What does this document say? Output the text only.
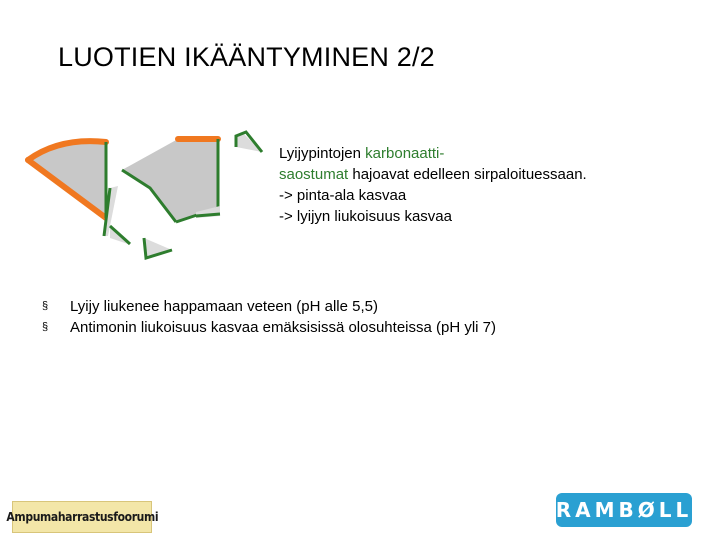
LUOTIEN IKÄÄNTYMINEN 2/2
Lyijypintojen karbonaatti-
saostumat hajoavat edelleen sirpaloituessaan.
-> pinta-ala kasvaa
-> lyijyn liukoisuus kasvaa
§ Lyijy liukenee happamaan veteen (pH alle 5,5)
§ Antimonin liukoisuus kasvaa emäksisissä olosuhteissa (pH yli 7)
Ampumaharrastusfoorumi	RAMBØLL
